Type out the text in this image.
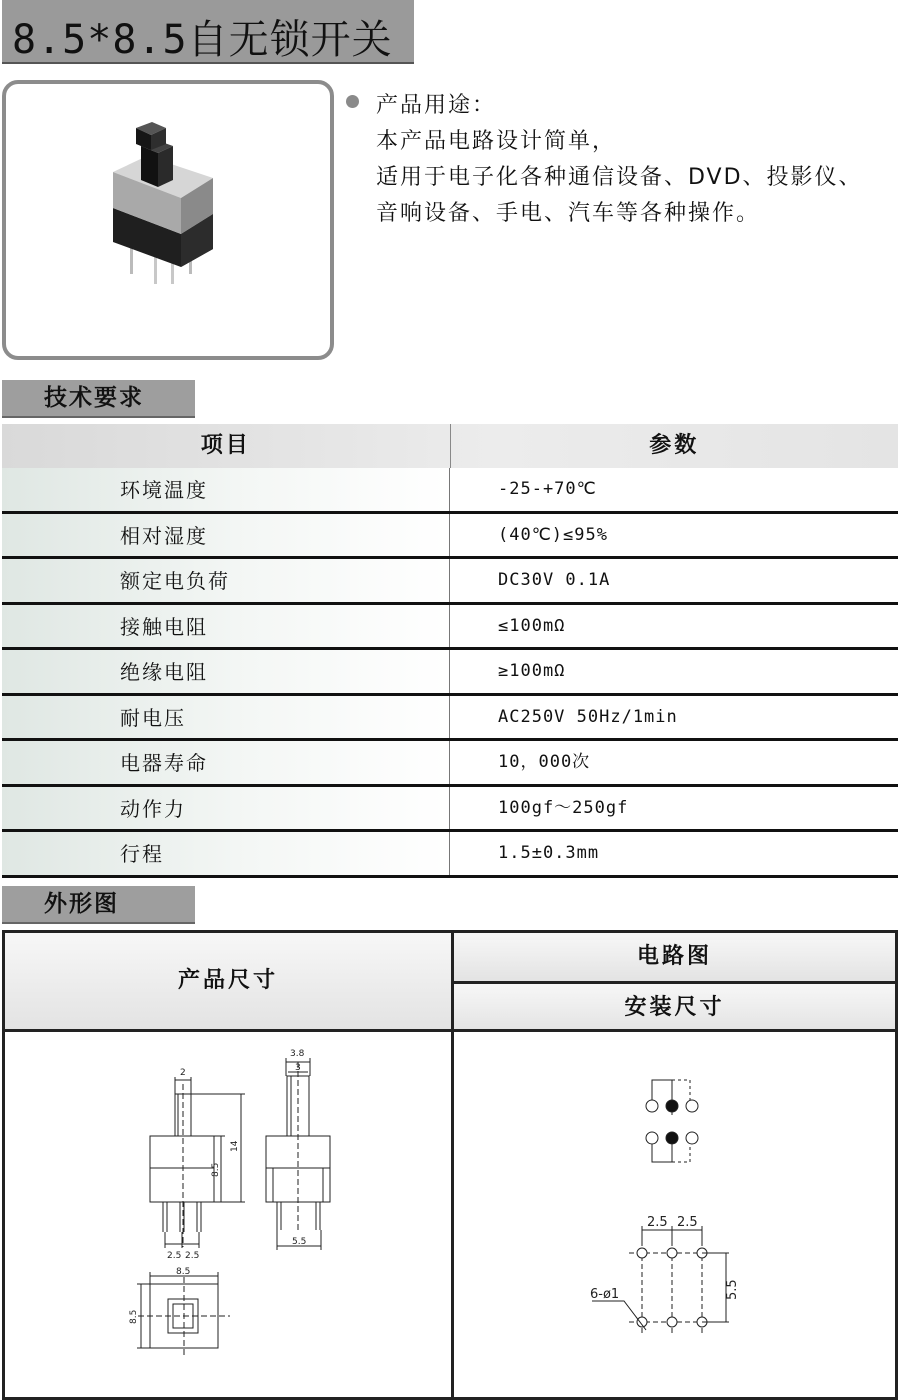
8.5*8.5自无锁开关
产品用途：
本产品电路设计简单，
适用于电子化各种通信设备、DVD、投影仪、
音响设备、手电、汽车等各种操作。
技术要求
项目	参数
环境温度	-25-+70℃
相对湿度	(40℃)≤95%
额定电负荷	DC30V 0.1A
接触电阻	≤100mΩ
绝缘电阻	≥100mΩ
耐电压	AC250V 50Hz/1min
电器寿命	10，000次
动作力	100gf～250gf
行程	1.5±0.3mm
外形图
产品尺寸
电路图
安装尺寸
2
3.8
3
14
8.5
2.5 2.5
5.5
8.5
8.5
2.5 2.5
5.5
6-ø1
